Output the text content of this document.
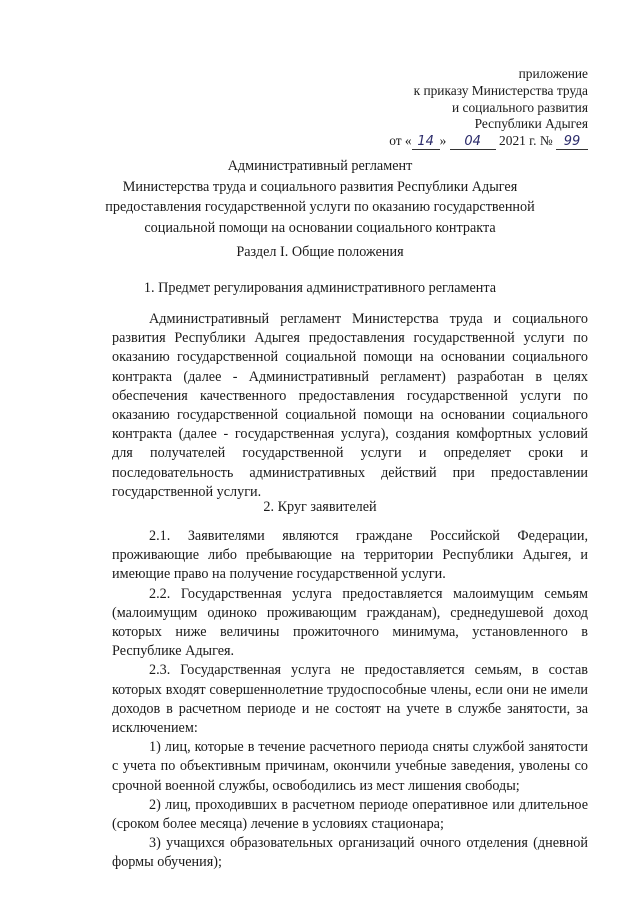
приложение
к приказу Министерства труда
и социального развития
Республики Адыгея
от « 14 » 04 2021 г. № 99
Административный регламент
Министерства труда и социального развития Республики Адыгея
предоставления государственной услуги по оказанию государственной
социальной помощи на основании социального контракта
Раздел I. Общие положения
1. Предмет регулирования административного регламента

Административный регламент Министерства труда и социального развития Республики Адыгея предоставления государственной услуги по оказанию государственной социальной помощи на основании социального контракта (далее - Административный регламент) разработан в целях обеспечения качественного предоставления государственной услуги по оказанию государственной социальной помощи на основании социального контракта (далее - государственная услуга), создания комфортных условий для получателей государственной услуги и определяет сроки и последовательность административных действий при предоставлении государственной услуги.

2. Круг заявителей

2.1. Заявителями являются граждане Российской Федерации, проживающие либо пребывающие на территории Республики Адыгея, и имеющие право на получение государственной услуги.

2.2. Государственная услуга предоставляется малоимущим семьям (малоимущим одиноко проживающим гражданам), среднедушевой доход которых ниже величины прожиточного минимума, установленного в Республике Адыгея.

2.3. Государственная услуга не предоставляется семьям, в состав которых входят совершеннолетние трудоспособные члены, если они не имели доходов в расчетном периоде и не состоят на учете в службе занятости, за исключением:

1) лиц, которые в течение расчетного периода сняты службой занятости с учета по объективным причинам, окончили учебные заведения, уволены со срочной военной службы, освободились из мест лишения свободы;

2) лиц, проходивших в расчетном периоде оперативное или длительное (сроком более месяца) лечение в условиях стационара;

3) учащихся образовательных организаций очного отделения (дневной формы обучения);
